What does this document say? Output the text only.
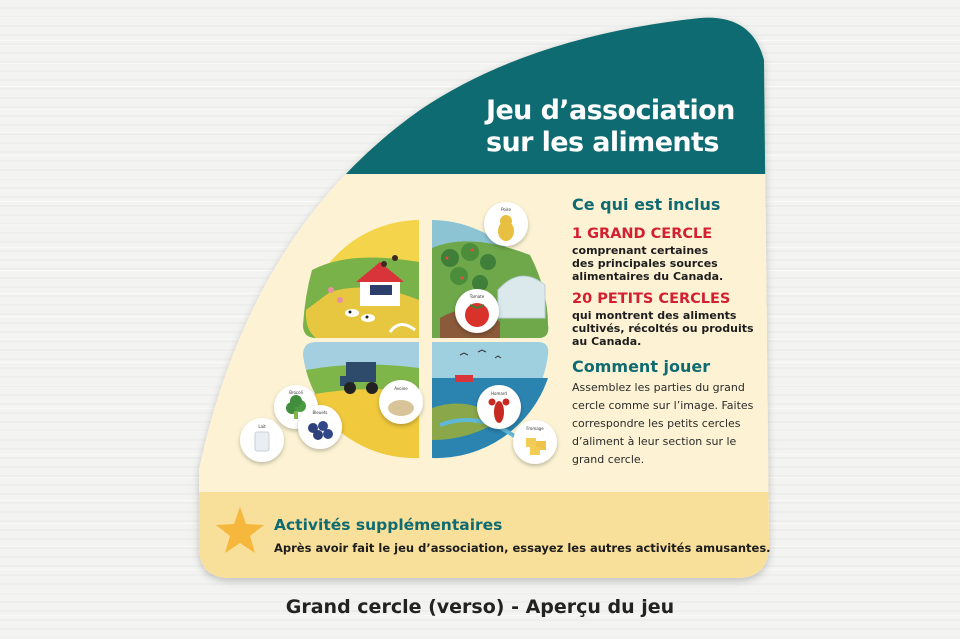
Poire
Tomate
Avoine
Homard
Fromage
Lait
Brocoli
Bleuets
Jeu d’association
sur les aliments
Ce qui est inclus
1 GRAND CERCLE
comprenant certaines
des principales sources
alimentaires du Canada.
20 PETITS CERCLES
qui montrent des aliments
cultivés, récoltés ou produits
au Canada.
Comment jouer
Assemblez les parties du grand
cercle comme sur l’image. Faites
correspondre les petits cercles
d’aliment à leur section sur le
grand cercle.
Activités supplémentaires
Après avoir fait le jeu d’association, essayez les autres activités amusantes.
Grand cercle (verso) - Aperçu du jeu
